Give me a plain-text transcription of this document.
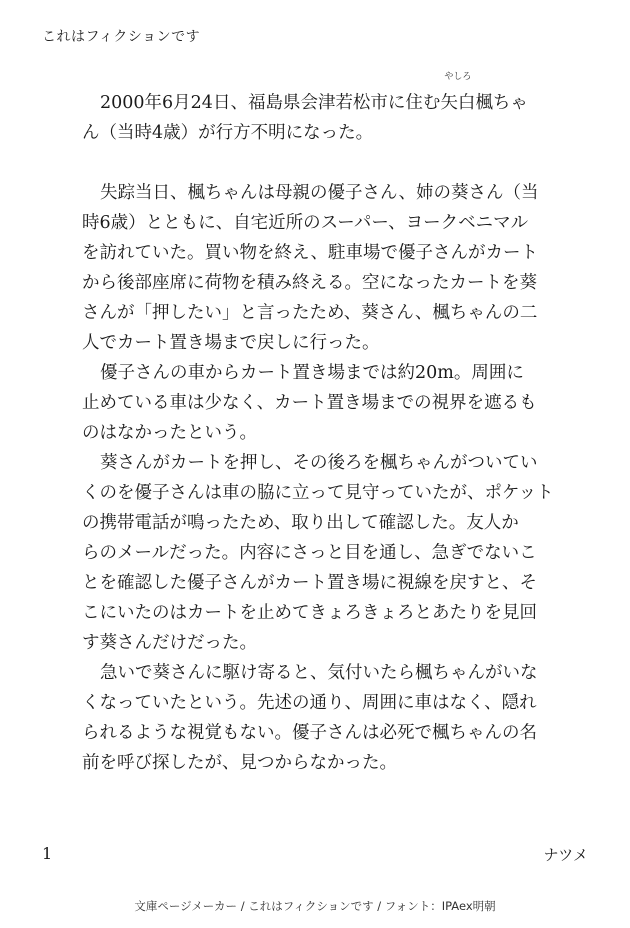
これはフィクションです
2000年6月24日、福島県会津若松市に住む矢白
やしろ
楓ちゃ
ん（当時4歳）が行方不明になった。
失踪当日、楓ちゃんは母親の優子さん、姉の葵さん（当
時6歳）とともに、自宅近所のスーパー、ヨークベニマル
を訪れていた。買い物を終え、駐車場で優子さんがカート
から後部座席に荷物を積み終える。空になったカートを葵
さんが「押したい」と言ったため、葵さん、楓ちゃんの二
人でカート置き場まで戻しに行った。
優子さんの車からカート置き場までは約20m。周囲に
止めている車は少なく、カート置き場までの視界を遮るも
のはなかったという。
葵さんがカートを押し、その後ろを楓ちゃんがついてい
くのを優子さんは車の脇に立って見守っていたが、ポケット
の携帯電話が鳴ったため、取り出して確認した。友人か
らのメールだった。内容にさっと目を通し、急ぎでないこ
とを確認した優子さんがカート置き場に視線を戻すと、そ
こにいたのはカートを止めてきょろきょろとあたりを見回
す葵さんだけだった。
急いで葵さんに駆け寄ると、気付いたら楓ちゃんがいな
くなっていたという。先述の通り、周囲に車はなく、隠れ
られるような視覚もない。優子さんは必死で楓ちゃんの名
前を呼び探したが、見つからなかった。
1	ナツメ
文庫ページメーカー / これはフィクションです / フォント：IPAex明朝
